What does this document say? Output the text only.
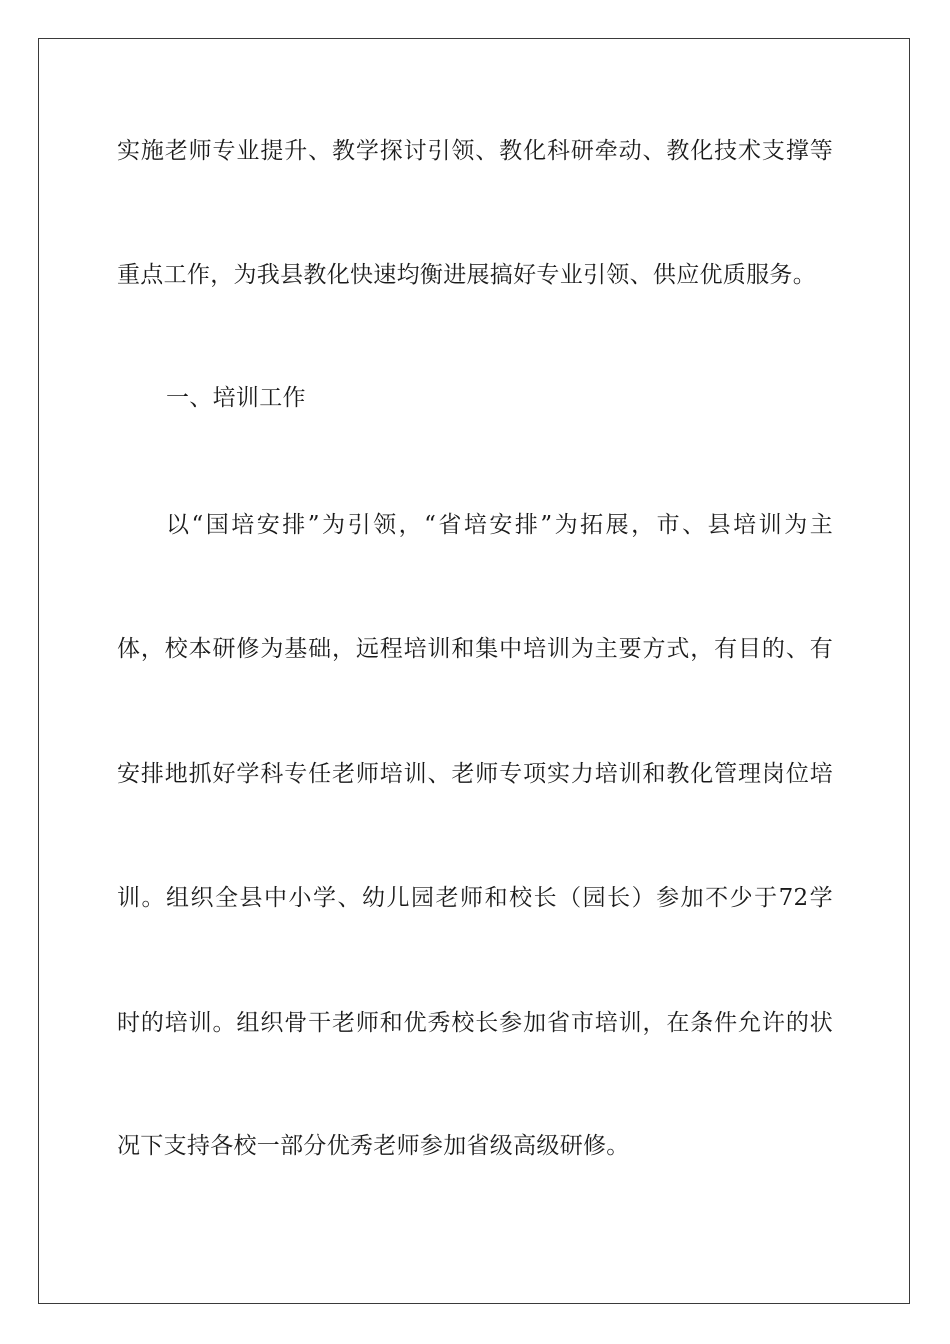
实施老师专业提升、教学探讨引领、教化科研牵动、教化技术支撑等
重点工作，为我县教化快速均衡进展搞好专业引领、供应优质服务。
一、培训工作
以“国培安排”为引领，“省培安排”为拓展，市、县培训为主
体，校本研修为基础，远程培训和集中培训为主要方式，有目的、有
安排地抓好学科专任老师培训、老师专项实力培训和教化管理岗位培
训。组织全县中小学、幼儿园老师和校长（园长）参加不少于72学
时的培训。组织骨干老师和优秀校长参加省市培训，在条件允许的状
况下支持各校一部分优秀老师参加省级高级研修。
